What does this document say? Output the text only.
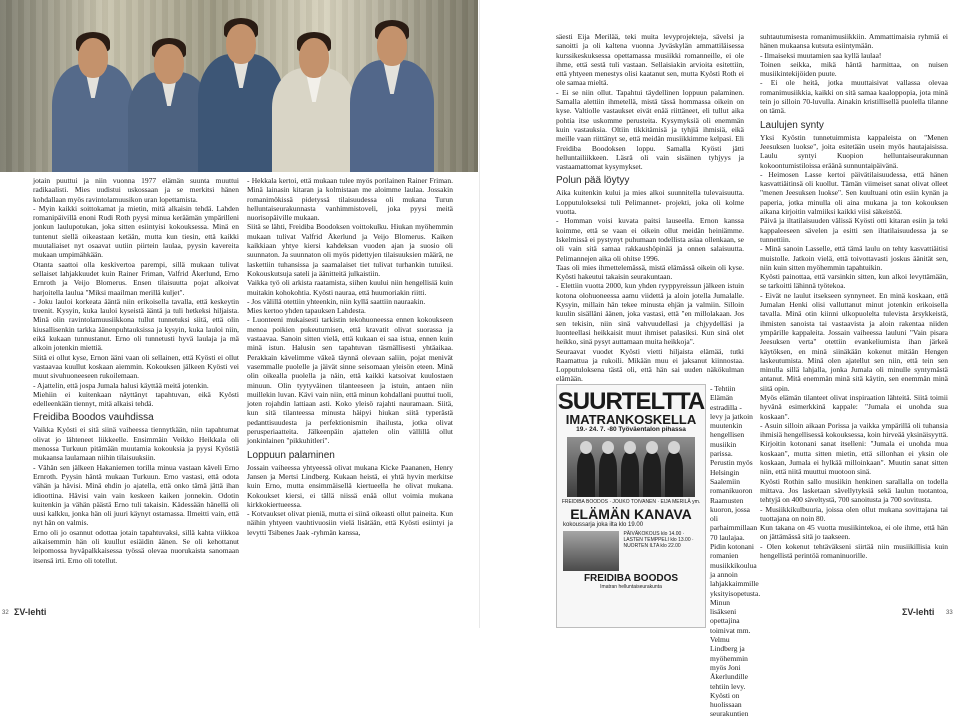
jotain puuttui ja niin vuonna 1977 elämän suunta muuttui radikaalisti. Mies uudistui uskossaan ja se merkitsi hänen kohdallaan myös ravintolamuusikon uran lopettamista.

- Myin kaikki soittokamat ja mietin, mitä alkaisin tehdä. Lahden romanipäivillä enoni Rudi Roth pyysi minua keräämän ympärilleni jonkun laulupotukan, joka sitten esiintyisi kokouksessa. Minä en tuntenut siellä oikeastaan ketään, mutta kun tiesin, että kaikki muutaliaiset nyt osaavat uutiin piirtein laulaa, pyysin kavereita mukaan umpimähkään.

Otanta saattoi olla keskivertoa parempi, sillä mukaan tulivat sellaiset lahjakkuudet kuin Rainer Friman, Valfrid Åkerlund, Erno Ernroth ja Veijo Blomerus. Ensen tilaisuutta pojat alkoivat harjoitella laulua "Miksi maailman merillä kuljet".

- Joku lauloi korkeata ääntä niin erikoisella tavalla, että keskeytin treenit. Kysyin, kuka lauloi kyseistä ääntä ja tuli hetkeksi hiljaista. Minä olin ravintolamuusiikkona tullut tunnetuksi siitä, että olin kiusallisenkin tarkka äänenpuhtauksissa ja kysyin, kuka lauloi niin, eikä kukaan tunnustanut. Erno oli tunnetusti hyvä laulaja ja mä alkoin jotenkin miettiä.

Siitä ei ollut kyse, Ernon ääni vaan oli sellainen, että Kyösti ei ollut vastaavaa kuullut koskaan aiemmin. Kokouksen jälkeen Kyösti vei muut sivuhuoneeseen rukoilemaan.

- Ajattelin, että jospa Jumala halusi käyttää meitä jotenkin.

Miehiin ei kuitenkaan näyttänyt tapahtuvan, eikä Kyösti edelleenkään tiennyt, mitä alkaisi tehdä.

Freidiba Boodos vauhdissa

Vaikka Kyösti ei sitä siinä vaiheessa tiennytkään, niin tapahtumat olivat jo lähteneet liikkeelle. Ensimmäin Veikko Heikkala oli menossa Turkuun pitämään muutamia kokouksia ja pyysi Kyöstiä mukaansa laulamaan niihin tilaisuuksiin.

- Vähän sen jälkeen Hakaniemen torilla minua vastaan käveli Erno Ernroth. Pyysin häntä mukaan Turkuun. Erno vastasi, että odota vähän ja hävisi. Minä ehdin jo ajatella, että onko tämä jättä ihan idioottina. Hävisi vain vain keskeen kaiken jonnekin. Odotin kuitenkin ja vähän päästä Erno tuli takaisin. Kädessään hänellä oli uusi kalkku, jonka hän oli juuri käynyt ostamassa. Ilmeitti vain, että nyt hän on valmis.

Erno oli jo osannut odottaa jotain tapahtuvaksi, sillä kahta viikkoa aikaisemmin hän oli kuullut esiäidin äänen. Se oli kehottanut leipomossa hyväpalkkaisessa työssä olevaa nuorukaista sanomaan itsensä irti. Erno oli totellut.

- Hekkala kertoi, että mukaan tulee myös porilainen Rainer Friman. Minä lainasin kitaran ja kolmistaan me aloimme laulaa. Jossakin romanimökissä pidetyssä tilaisuudessa oli mukana Turun helluntaiseurakunnasta vanhimmistoveli, joka pyysi meitä nuorisopäiville mukaan.

Siitä se lähti, Freidiba Boodoksen voittokulku. Hiukan myöhemmin mukaan tulivat Valfrid Åkerlund ja Veijo Blomerus. Kaiken kaikkiaan yhtye kiersi kahdeksan vuoden ajan ja suosio oli suunnaton. Ja suunnaton oli myös pidettyjen tilaisuuksien määrä, ne laskettiin tuhansissa ja saamalaiset tiet tulivat turhankin tutuiksi. Kokouskutsuja sateli ja äänitteitä julkaistiin.

Vaikka työ oli arkista raatamista, siihen kuului niin hengellisiä kuin muitakin kohokohtia. Kyösti nauraa, että huumoriakin riitti.

- Jos välillä otettiin yhteenkin, niin kyllä saattiin nauraakin.

Mies kertoo yhden tapauksen Lahdesta.

- Luonteeni mukaisesti tarkistin tekohuoneessa ennen kokoukseen menoa poikien pukeutumisen, että kravatit olivat suorassa ja vastaavaa. Sanoin sitten vielä, että kukaan ei saa istua, ennen kuin minä istun. Halusin sen tapahtuvan täsmällisesti yhtäaikaa. Perakkain kävelimme väkeä täynnä olevaan saliin, pojat menivät vasemmalle puolelle ja jäivät sinne seisomaan yleisön eteen. Minä olin oikealla puolella ja näin, että kaikki katsoivat kuulostaen minuun. Olin tyytyväinen tilanteeseen ja istuin, antaen niin muillekin luvan. Kävi vain niin, että minun kohdallani puuttui tuoli, joten rojahdin lattiaan asti. Koko yleisö rajahti nauramaan. Siitä, kun sitä tilanteessa minusta häipyi hiukan siitä typerästä pedanttisuudesta ja perfektionismin ihailusta, jotka olivat perusperiaatteita. Jälkeenpäin ajattelen olin vällillä ollut jonkinlainen "pikkuhitleri".

Loppuun palaminen

Jossain vaiheessa yhtyeessä olivat mukana Kicke Paananen, Henry Jansen ja Mertsi Lindberg. Kukaan heistä, ei yhtä hyvin merkitse kuin Erno, mutta ensimmäisellä kiertueella he olivat mukana. Kokoukset kiersi, ei tällä niissä enää ollut voimia mukana kirkkokiertueessa.

- Kotvaukset olivat pieniä, mutta ei siinä oikeasti ollut paineita. Kun näihin yhtyeen vauhtivuosiin vielä lisätään, että Kyösti esiintyi ja levytti Tsibenes Jaak -ryhmän kanssa,

säesti Eija Merilää, teki muita levyprojekteja, sävelsi ja sanoitti ja oli kaltena vuonna Jyväskylän ammattiläisessa kurssikeskuksessa opettamassa musiikki romanneille, ei ole ihme, että sestä tuli vastaan. Sellaisiakin arvioita esitettiin, että yhtyeen menestys olisi kaatanut sen, mutta Kyösti Roth ei ole samaa mieltä.

- Ei se niin ollut. Tapahtui täydellinen loppuun palaminen. Samalla alettiin ihmetellä, mistä tässä hommassa oikein on kyse. Valtiolle vastaukset eivät enää riittäneet, eli tullut aika pohtia itse uskomme perusteita. Kysymyksiä oli enemmän kuin vastauksia. Oltiin tikkitämisä ja tyhjiä ihmisiä, eikä meille vaan riittänyt se, että meidän musiikkimme kelpasi. Eli Freidiba Boodoksen loppu. Samalla Kyösti jätti helluntailiikkeen. Läsrä oli vain sisäinen tyhjyys ja vastaamattomat kysymykset.

Polun pää löytyy

Aika kuitenkin kului ja mies alkoi suunnitella tulevaisuutta. Lopputulokseksi tuli Pelimannet- projekti, joka oli kolme vuotta.

- Homman voisi kuvata paitsi lauseella. Ernon kanssa koimme, että se vaan ei oikein ollut meidän heiniämme. Iskelmissä ei pystynyt puhumaan todellista asiaa ollenkaan, se oli vain sitä samaa rakkaushöpinää ja onnen salaisuutta. Pelimannejen aika oli ohitse 1996.

Taas oli mies ihmettelemässä, mistä elämässä oikein oli kyse. Kyösti hakeutui takaisin seurakuntaan.

- Elettiin vuotta 2000, kun yhden ryyppyreissun jälkeen istuin kotona olohuoneessa aamu viidettä ja aloin jotella Jumalalle. Kysyin, millain hän tekee minusta ehjän ja valmiin. Silloin kuulin sisälläni äänen, joka vastasi, että "en millolakaan. Jos sen tekisin, niin sinä vahvuudellasi ja chjyydelläsi ja luonteellasi heikkaisit muut ihmiset palasiksi. Kun sinä olet heikko, sinä pysyt auttamaan muita heikkoja".

Seuraavat vuodet Kyösti vietti hiljaista elämää, tutki Raamattua ja rukoili. Mikään muu ei jaksanut kiinnostaa. Lopputuloksena tästä oli, että hän sai uuden näkökulman elämään.

SUURTELTTA
IMATRANKOSKELLA
19.- 24. 7. -80 Työväentalon pihassa
FREIDIBA BOODOS · JOUKO TOIVANEN · EIJA MERILÄ ym.
ELÄMÄN KANAVA
kokoussarja joka ilta klo 19.00
PÄIVÄKOKOUS klo 14.00 · LASTEN TEMPPELI klo 13.00 · NUORTEN ILTA klo 22.00
FREIDIBA BOODOS
Imatran helluntaiseurakunta

- Tehtiin Elämän estradilla -levy ja jatkoin muutenkin hengellisen musiikin parissa. Perustin myös Helsingin Saalemiin romanikuoron Raamusten kuoron, jossa oli parhaimmillaan 70 laulajaa. Pidin kotonani romanien musiikkikoulua ja annoin lahjakkaimmille yksityisopetusta. Minun lisäkseni opettajina toimivat mm. Velmu Lindberg ja myöhemmin myös Joni Åkerlundille tehtiin levy. Kyösti on huolissaan seurakuntien

suhtautumisesta romanimusiikkiin. Ammattimaisia ryhmiä ei hänen mukaansa kutsuta esiintymään.

- Ilmaiseksi muutamien saa kyllä laulaa!

Toinen seikka, mikä häntä harmittaa, on nuisen musiikintekijöiden puute.

- Ei ole heitä, jotka muuttaisivat vallassa olevaa romanimusiikkia, kaikki on sitä samaa kaaloppopia, jota minä tein jo silloin 70-luvulla. Ainakin kristillisellä puolella tilanne on tämä.

Laulujen synty

Yksi Kyöstin tunnetuimmista kappaleista on "Menen Jeesuksen luokse", joita esitetään usein myös hautajaisissa. Laulu syntyi Kuopion helluntaiseurakunnan kokoontumistiloissa eräänä sunnuntaipäivänä.

- Heimosen Lasse kertoi päivätilaisuudessa, että hänen kasvattiäitinsä oli kuollut. Tämän viimeiset sanat olivat olleet "menen Jeesuksen luokse". Sen kuultuani otin esiin kynän ja paperia, jotka minulla oli aina mukana ja ton kokouksen aikana kirjoitin valmiiksi kaikki viisi säkeistöä.

Päivä ja iltatilaisuuden välissä Kyösti otti kitaran esiin ja teki kappaleeseen sävelen ja esitti sen iltatilaisuudessa ja se tunnettiin.

- Minä sanoin Lasselle, että tämä laulu on tehty kasvattiäitisi muistolle. Jatkoin vielä, että toivottavasti joskus äänität sen, niin kuin sitten myöhemmin tapahtuikin.

Kyösti painottaa, että varsinkin sitten, kun alkoi levyttämään, se tarkoitti lähinnä työtekoa.

- Eivät ne laulut itsekseen synnyneet. En minä koskaan, että Jumalan Henki olisi valluttanut minut jotenkin erikoisella tavalla. Minä otin kiinni ulkopuolelta tulevista ärsykkeistä, ihmisten sanoista tai vastaavista ja aloin rakentaa niiden ympärille kappaleita. Jossain vaiheessa lauluni "Vain pisara Jeesuksen verta" otettiin evankeliumista ihan järkeä käytöksen, en minä siinäkään kokenut mitään Hengen laskeutumista. Minä olen ajatellut sen niin, että tein sen minulla sillä lahjalla, jonka Jumala oli minulle syntymästä antanut. Mitä enemmän minä sitä käytin, sen enemmän minä siitä opin.

Myös elämän tilanteet olivat inspiraation lähteitä. Siitä toimii hyvänä esimerkkinä kappale: "Jumala ei unohda sua koskaan".

- Asuin silloin aikaan Porissa ja vaikka ympärillä oli tuhansia ihmisiä hengellisessä kokouksessa, koin hirveää yksinäisyyttä. Kirjoitin kotonani sanat itselleni: "Jumala ei unohda mua koskaan", mutta sitten mietin, että sillonhan ei yksin ole koskaan, Jumala ei hylkää milloinkaan". Muutin sanat sitten niin, että niitä muuttui muotoon sinä.

Kyösti Rothin sallo musiikin henkinen sarallalla on todella mittava. Jos lasketaan sävellytyksiä sekä laulun tuotantoa, tehtyjä on 400 säveltystä, 700 sanoitusta ja 700 sovitusta.

- Musiikkikulbuuria, joissa olen ollut mukana sovittajana tai tuottajana on noin 80.

Kun takana on 45 vuotta musiikintekoa, ei ole ihme, että hän on jättämässä sitä jo taakseen.

- Olen kokenut tehtäväkseni siirtää niin musiikillisia kuin hengellistä perintöä romaninuorille.

32 ΣV-lehti	ΣV-lehti 33
